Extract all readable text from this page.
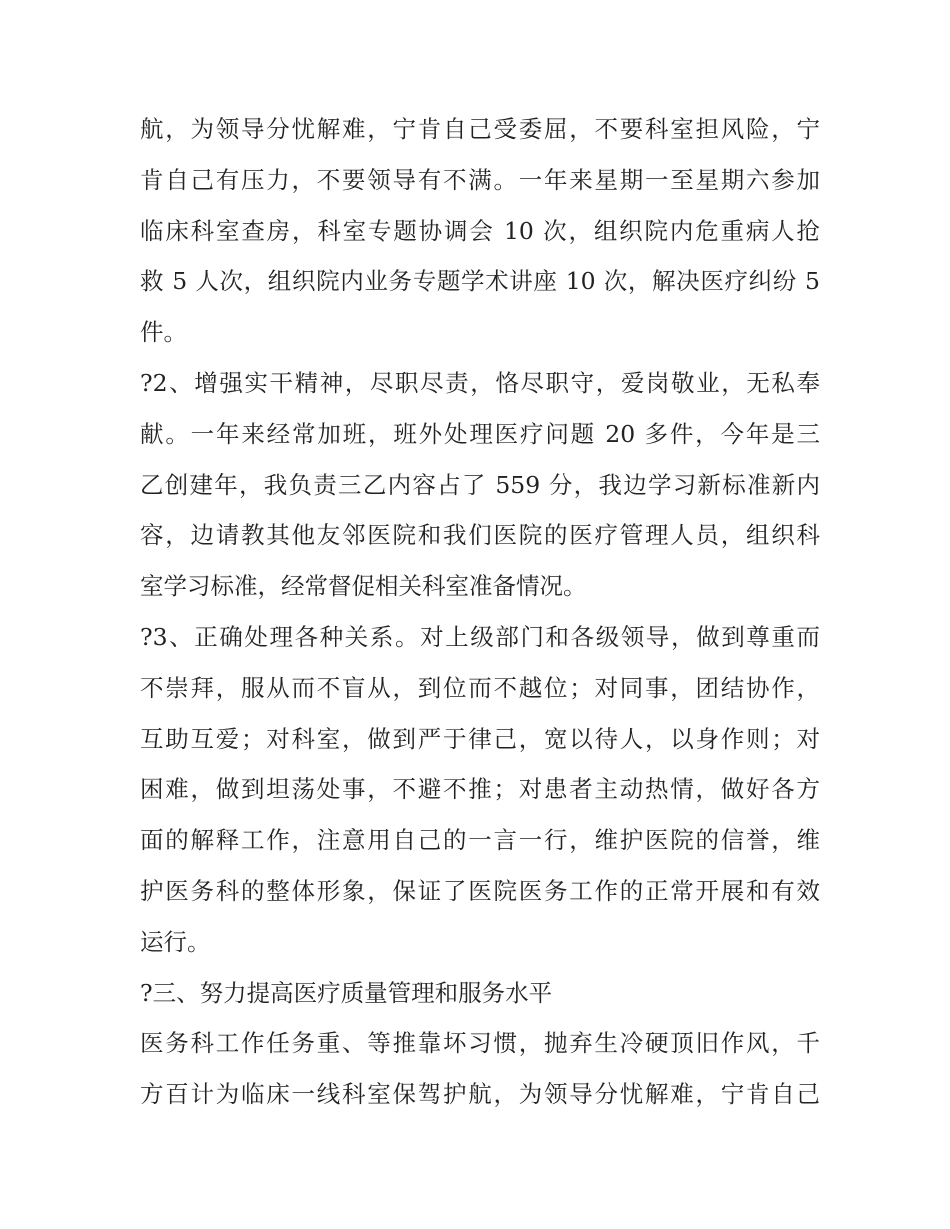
航，为领导分忧解难，宁肯自己受委屈，不要科室担风险，宁
肯自己有压力，不要领导有不满。一年来星期一至星期六参加
临床科室查房，科室专题协调会 10 次，组织院内危重病人抢
救 5 人次，组织院内业务专题学术讲座 10 次，解决医疗纠纷 5
件。
?2、增强实干精神，尽职尽责，恪尽职守，爱岗敬业，无私奉
献。一年来经常加班，班外处理医疗问题 20 多件，今年是三
乙创建年，我负责三乙内容占了 559 分，我边学习新标准新内
容，边请教其他友邻医院和我们医院的医疗管理人员，组织科
室学习标准，经常督促相关科室准备情况。
?3、正确处理各种关系。对上级部门和各级领导，做到尊重而
不崇拜，服从而不盲从，到位而不越位；对同事，团结协作，
互助互爱；对科室，做到严于律己，宽以待人，以身作则；对
困难，做到坦荡处事，不避不推；对患者主动热情，做好各方
面的解释工作，注意用自己的一言一行，维护医院的信誉，维
护医务科的整体形象，保证了医院医务工作的正常开展和有效
运行。
?三、努力提高医疗质量管理和服务水平
医务科工作任务重、等推靠坏习惯，抛弃生冷硬顶旧作风，千
方百计为临床一线科室保驾护航，为领导分忧解难，宁肯自己
